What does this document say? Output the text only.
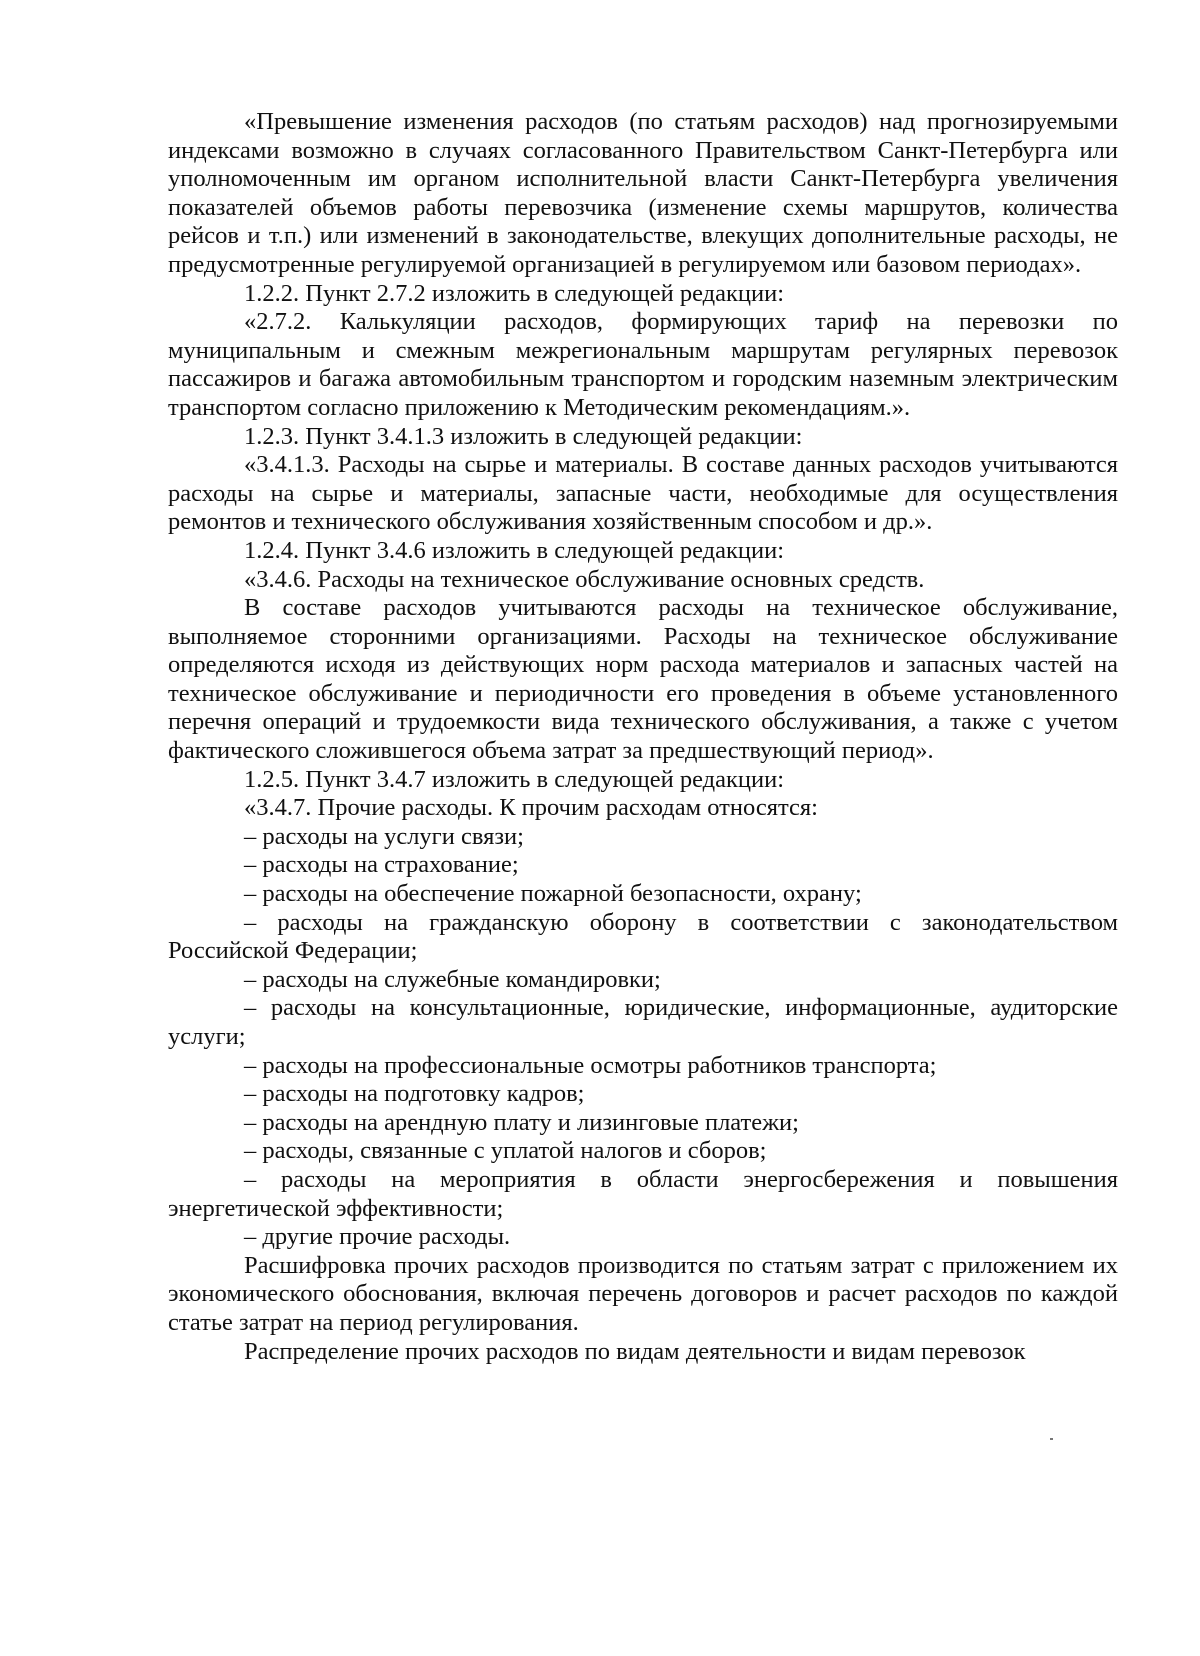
«Превышение изменения расходов (по статьям расходов) над прогнозируемыми индексами возможно в случаях согласованного Правительством Санкт-Петербурга или уполномоченным им органом исполнительной власти Санкт-Петербурга увеличения показателей объемов работы перевозчика (изменение схемы маршрутов, количества рейсов и т.п.) или изменений в законодательстве, влекущих дополнительные расходы, не предусмотренные регулируемой организацией в регулируемом или базовом периодах».

1.2.2. Пункт 2.7.2 изложить в следующей редакции:

«2.7.2. Калькуляции расходов, формирующих тариф на перевозки по муниципальным и смежным межрегиональным маршрутам регулярных перевозок пассажиров и багажа автомобильным транспортом и городским наземным электрическим транспортом согласно приложению к Методическим рекомендациям.».

1.2.3. Пункт 3.4.1.3 изложить в следующей редакции:

«3.4.1.3. Расходы на сырье и материалы. В составе данных расходов учитываются расходы на сырье и материалы, запасные части, необходимые для осуществления ремонтов и технического обслуживания хозяйственным способом и др.».

1.2.4. Пункт 3.4.6 изложить в следующей редакции:

«3.4.6. Расходы на техническое обслуживание основных средств.

В составе расходов учитываются расходы на техническое обслуживание, выполняемое сторонними организациями. Расходы на техническое обслуживание определяются исходя из действующих норм расхода материалов и запасных частей на техническое обслуживание и периодичности его проведения в объеме установленного перечня операций и трудоемкости вида технического обслуживания, а также с учетом фактического сложившегося объема затрат за предшествующий период».

1.2.5. Пункт 3.4.7 изложить в следующей редакции:

«3.4.7. Прочие расходы. К прочим расходам относятся:

– расходы на услуги связи;

– расходы на страхование;

– расходы на обеспечение пожарной безопасности, охрану;

– расходы на гражданскую оборону в соответствии с законодательством Российской Федерации;

– расходы на служебные командировки;

– расходы на консультационные, юридические, информационные, аудиторские услуги;

– расходы на профессиональные осмотры работников транспорта;

– расходы на подготовку кадров;

– расходы на арендную плату и лизинговые платежи;

– расходы, связанные с уплатой налогов и сборов;

– расходы на мероприятия в области энергосбережения и повышения энергетической эффективности;

– другие прочие расходы.

Расшифровка прочих расходов производится по статьям затрат с приложением их экономического обоснования, включая перечень договоров и расчет расходов по каждой статье затрат на период регулирования.

Распределение прочих расходов по видам деятельности и видам перевозок
